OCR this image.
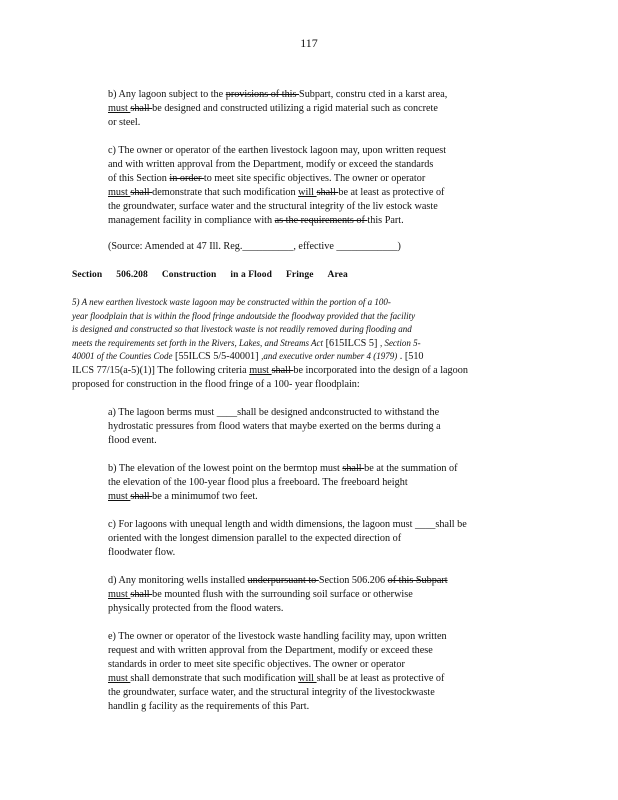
117
b) Any lagoon subject to the provisions of this Subpart, constru cted in a karst area,
must shall be designed and constructed utilizing a rigid material such as concrete
or steel.
c) The owner or operator of the earthen livestock lagoon may, upon written request
and with written approval from the Department, modify or exceed the standards
of this Section in order to meet site specific objectives. The owner or operator
must shall demonstrate that such modification will shall be at least as protective of
the groundwater, surface water and the structural integrity of the liv estock waste
management facility in compliance with as the requirements of this Part.
(Source: Amended at 47 Ill. Reg.__________, effective ____________)
Section 506.208 Construction in a Flood Fringe Area
5) A new earthen livestock waste lagoon may be constructed within the portion of a 100-
year floodplain that is within the flood fringe andoutside the floodway provided that the facility
is designed and constructed so that livestock waste is not readily removed during flooding and
meets the requirements set forth in the Rivers, Lakes, and Streams Act [615ILCS 5] , Section 5-
40001 of the Counties Code [55ILCS 5/5-40001] ,and executive order number 4 (1979) . [510
ILCS 77/15(a-5)(1)] The following criteria must shall be incorporated into the design of a lagoon
proposed for construction in the flood fringe of a 100- year floodplain:
a) The lagoon berms must ____shall be designed andconstructed to withstand the
hydrostatic pressures from flood waters that maybe exerted on the berms during a
flood event.
b) The elevation of the lowest point on the bermtop must shall be at the summation of
the elevation of the 100-year flood plus a freeboard. The freeboard height
must shall be a minimumof two feet.
c) For lagoons with unequal length and width dimensions, the lagoon must ____shall be
oriented with the longest dimension parallel to the expected direction of
floodwater flow.
d) Any monitoring wells installed underpursuant to Section 506.206 of this Subpart
must shall be mounted flush with the surrounding soil surface or otherwise
physically protected from the flood waters.
e) The owner or operator of the livestock waste handling facility may, upon written
request and with written approval from the Department, modify or exceed these
standards in order to meet site specific objectives. The owner or operator
must shall demonstrate that such modification will shall be at least as protective of
the groundwater, surface water, and the structural integrity of the livestockwaste
handlin g facility as the requirements of this Part.
